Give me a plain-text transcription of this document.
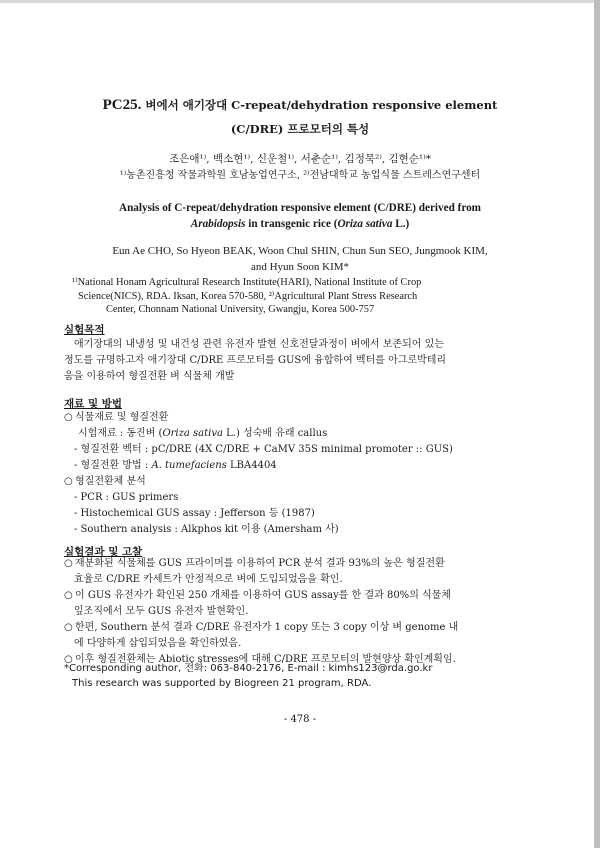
PC25. 벼에서 애기장대 C-repeat/dehydration responsive element
(C/DRE) 프로모터의 특성
조은애¹⁾, 백소현¹⁾, 신운철¹⁾, 서춘순¹⁾, 김정묵²⁾, 김현순¹⁾*
¹⁾농촌진흥청 작물과학원 호남농업연구소, ²⁾전남대학교 농업식물 스트레스연구센터
Analysis of C-repeat/dehydration responsive element (C/DRE) derived from
Arabidopsis in transgenic rice (Oriza sativa L.)
Eun Ae CHO, So Hyeon BEAK, Woon Chul SHIN, Chun Sun SEO, Jungmook KIM,
and Hyun Soon KIM*
¹⁾National Honam Agricultural Research Institute(HARI), National Institute of Crop
Science(NICS), RDA. Iksan, Korea 570-580, ²⁾Agricultural Plant Stress Research
Center, Chonnam National University, Gwangju, Korea 500-757
실험목적
애기장대의 내냉성 및 내건성 관련 유전자 발현 신호전달과정이 벼에서 보존되어 있는
정도를 규명하고자 애기장대 C/DRE 프로모터를 GUS에 융합하여 벡터를 아그로박테리
움을 이용하여 형질전환 벼 식물체 개발
재료 및 방법
○ 식물재료 및 형질전환
시험재료 : 동진벼 (Oriza sativa L.) 성숙배 유래 callus
- 형질전환 벡터 : pC/DRE (4X C/DRE + CaMV 35S minimal promoter :: GUS)
- 형질전환 방법 : A. tumefaciens LBA4404
○ 형질전환체 분석
- PCR : GUS primers
- Histochemical GUS assay : Jefferson 등 (1987)
- Southern analysis : Alkphos kit 이용 (Amersham 사)
실험결과 및 고찰
○ 재분화된 식물체를 GUS 프라이머를 이용하여 PCR 분석 결과 93%의 높은 형질전환
효율로 C/DRE 카세트가 안정적으로 벼에 도입되었음을 확인.
○ 이 GUS 유전자가 확인된 250 개체를 이용하여 GUS assay를 한 결과 80%의 식물체
잎조직에서 모두 GUS 유전자 발현확인.
○ 한편, Southern 분석 결과 C/DRE 유전자가 1 copy 또는 3 copy 이상 벼 genome 내
에 다양하게 삽입되었음을 확인하였음.
○ 이후 형질전환체는 Abiotic stresses에 대해 C/DRE 프로모터의 발현양상 확인계획임.
*Corresponding author, 전화: 063-840-2176, E-mail : kimhs123@rda.go.kr
This research was supported by Biogreen 21 program, RDA.
- 478 -
